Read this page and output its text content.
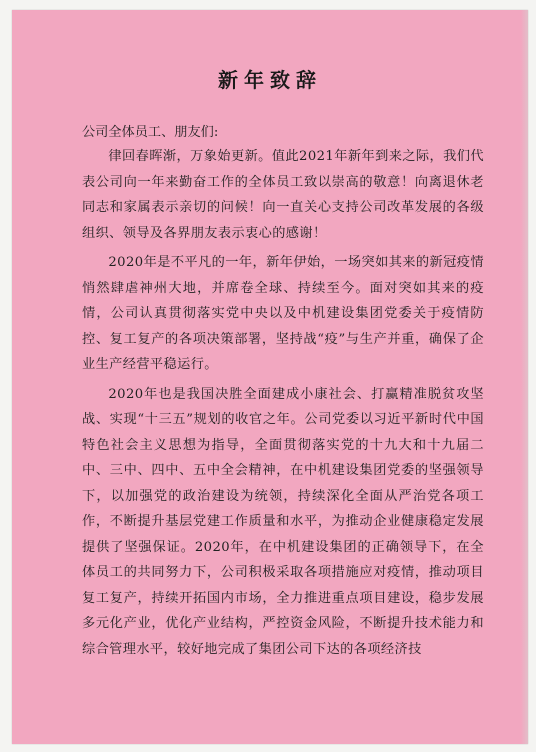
新年致辞

公司全体员工、朋友们:

律回春晖渐，万象始更新。值此2021年新年到来之际，我们代表公司向一年来勤奋工作的全体员工致以崇高的敬意！向离退休老同志和家属表示亲切的问候！向一直关心支持公司改革发展的各级组织、领导及各界朋友表示衷心的感谢！

2020年是不平凡的一年，新年伊始，一场突如其来的新冠疫情悄然肆虐神州大地，并席卷全球、持续至今。面对突如其来的疫情，公司认真贯彻落实党中央以及中机建设集团党委关于疫情防控、复工复产的各项决策部署，坚持战“疫”与生产并重，确保了企业生产经营平稳运行。

2020年也是我国决胜全面建成小康社会、打赢精准脱贫攻坚战、实现“十三五”规划的收官之年。公司党委以习近平新时代中国特色社会主义思想为指导，全面贯彻落实党的十九大和十九届二中、三中、四中、五中全会精神，在中机建设集团党委的坚强领导下，以加强党的政治建设为统领，持续深化全面从严治党各项工作，不断提升基层党建工作质量和水平，为推动企业健康稳定发展提供了坚强保证。2020年，在中机建设集团的正确领导下，在全体员工的共同努力下，公司积极采取各项措施应对疫情，推动项目复工复产，持续开拓国内市场，全力推进重点项目建设，稳步发展多元化产业，优化产业结构，严控资金风险，不断提升技术能力和综合管理水平，较好地完成了集团公司下达的各项经济技
